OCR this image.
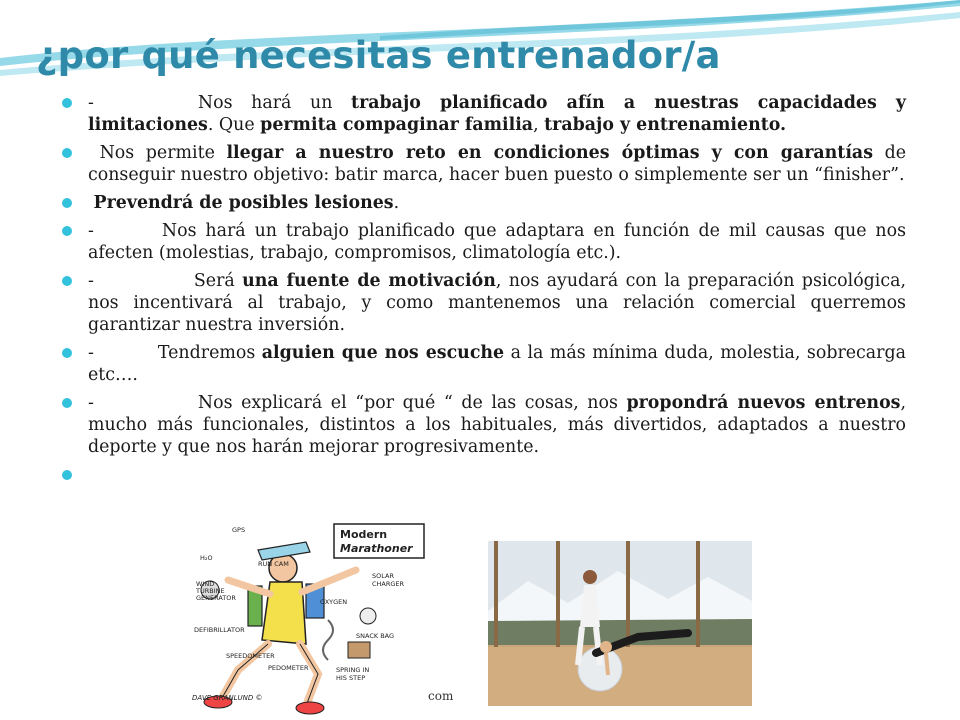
¿por qué necesitas entrenador/a
-	Nos hará un trabajo planificado afín a nuestras capacidades y limitaciones. Que permita compaginar familia, trabajo y entrenamiento.
Nos permite llegar a nuestro reto en condiciones óptimas y con garantías de conseguir nuestro objetivo: batir marca, hacer buen puesto o simplemente ser un “finisher”.
Prevendrá de posibles lesiones.
-	Nos hará un trabajo planificado que adaptara en función de mil causas que nos afecten (molestias, trabajo, compromisos, climatología etc.).
-	Será una fuente de motivación, nos ayudará con la preparación psicológica, nos incentivará al trabajo, y como mantenemos una relación comercial querremos garantizar nuestra inversión.
-	Tendremos alguien que nos escuche a la más mínima duda, molestia, sobrecarga etc….
-	Nos explicará el “por qué “ de las cosas, nos propondrá nuevos entrenos, mucho más funcionales, distintos a los habituales, más divertidos, adaptados a nuestro deporte y que nos harán mejorar progresivamente.

Modern
Marathoner
GPS
H₂O
RUN CAM
SOLAR
CHARGER
WIND
TURBINE
GENERATOR	OXYGEN
DEFIBRILLATOR
SNACK BAG
SPEEDOMETER
PEDOMETER	SPRING IN
HIS STEP
DAVE GRANLUND ©	com
